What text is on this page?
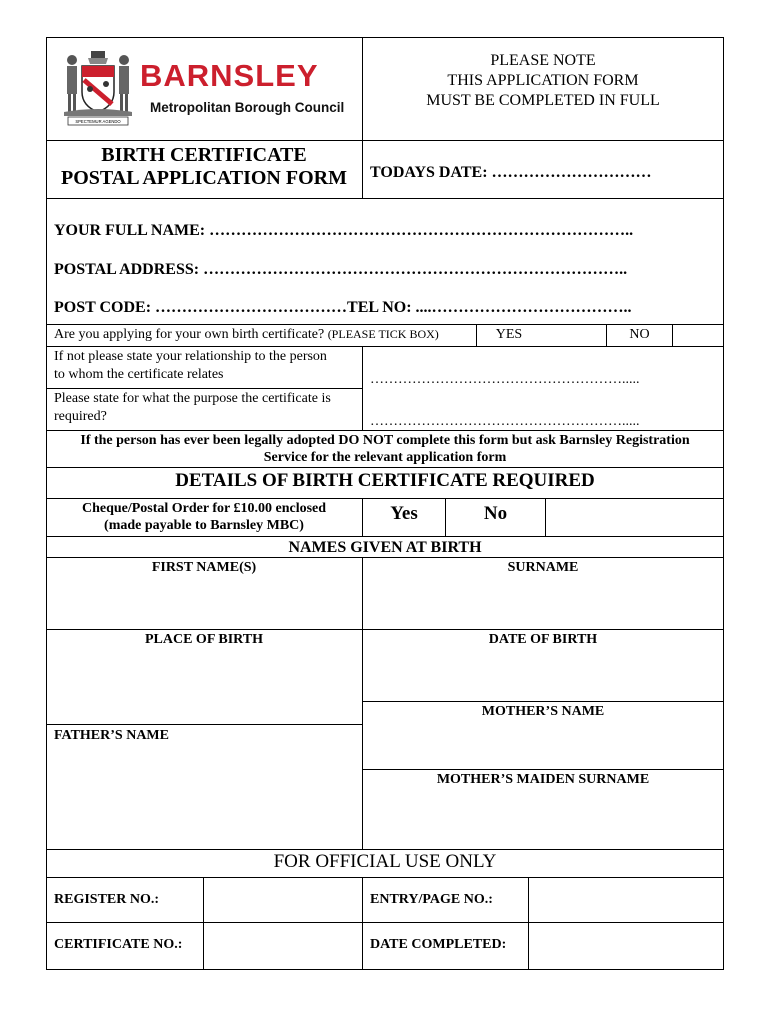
SPECTEMUR AGENDO
BARNSLEY
Metropolitan Borough Council
PLEASE NOTE
THIS APPLICATION FORM
MUST BE COMPLETED IN FULL
BIRTH CERTIFICATE
POSTAL APPLICATION FORM	TODAYS DATE: …………………………
YOUR FULL NAME: ……………………………………………………………………..
POSTAL ADDRESS: ……………………………………………………………………..
POST CODE: ………………………………TEL NO: ....………………………………..
Are you applying for your own birth certificate? (PLEASE TICK BOX)	YES	NO
If not please state your relationship to the person
to whom the certificate relates	……………………………………………….....
Please state for what the purpose the certificate is
required?	……………………………………………….....
If the person has ever been legally adopted DO NOT complete this form but ask Barnsley Registration
Service for the relevant application form
DETAILS OF BIRTH CERTIFICATE REQUIRED
Cheque/Postal Order for £10.00 enclosed
(made payable to Barnsley MBC)
Yes	No
NAMES GIVEN AT BIRTH
FIRST NAME(S)	SURNAME
PLACE OF BIRTH	DATE OF BIRTH
MOTHER’S NAME
FATHER’S NAME
MOTHER’S MAIDEN SURNAME
FOR OFFICIAL USE ONLY
REGISTER NO.:	ENTRY/PAGE NO.:
CERTIFICATE NO.:	DATE COMPLETED:
